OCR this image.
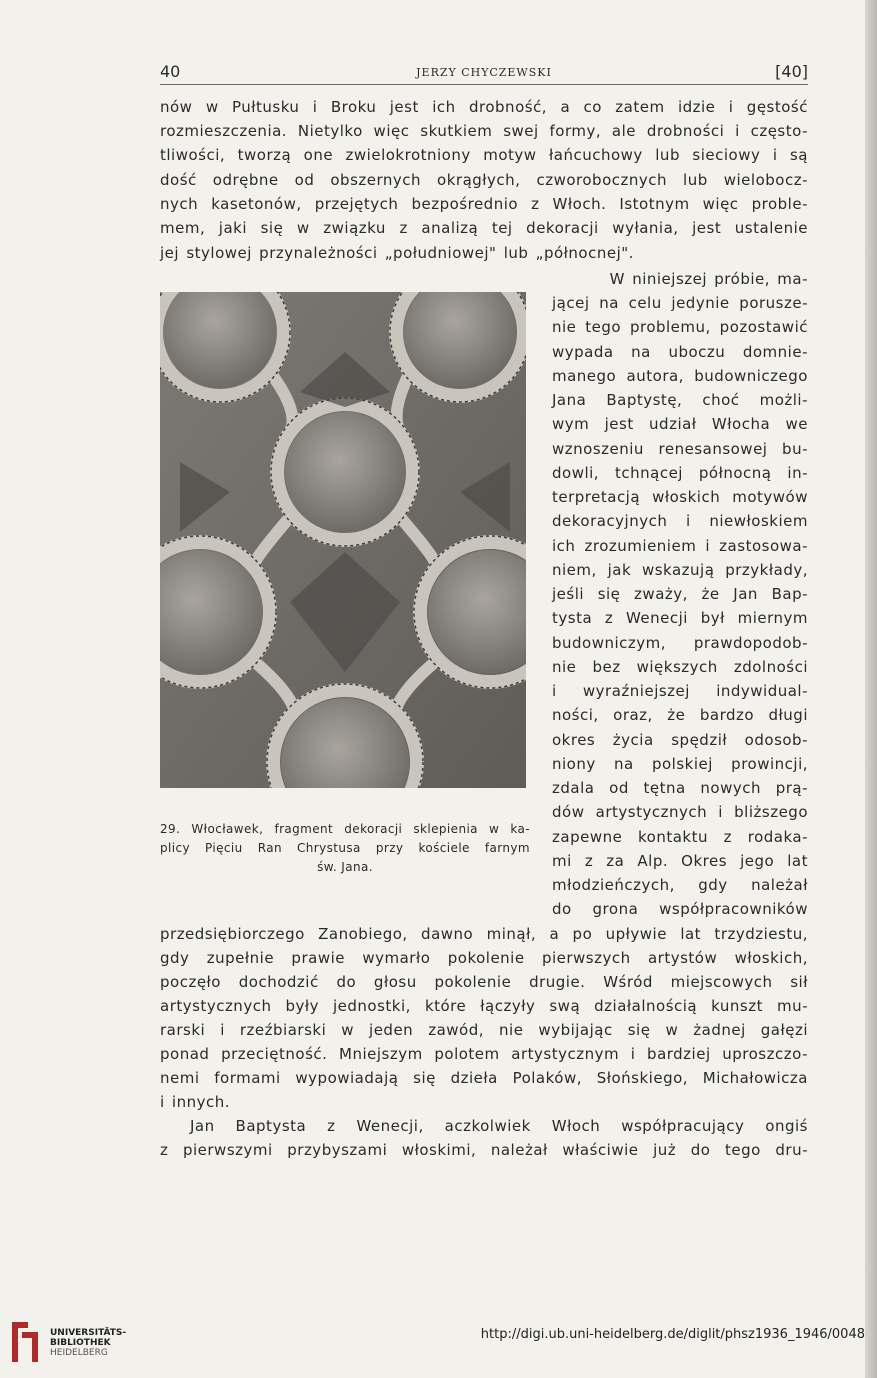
40	JERZY CHYCZEWSKI	[40]

nów w Pułtusku i Broku jest ich drobność, a co zatem idzie i gęstość

rozmieszczenia. Nietylko więc skutkiem swej formy, ale drobności i często-

tliwości, tworzą one zwielokrotniony motyw łańcuchowy lub sieciowy i są

dość odrębne od obszernych okrągłych, czworobocznych lub wielobocz-

nych kasetonów, przejętych bezpośrednio z Włoch. Istotnym więc proble-

mem, jaki się w związku z analizą tej dekoracji wyłania, jest ustalenie

jej stylowej przynależności „południowej" lub „północnej".

W niniejszej próbie, ma-

jącej na celu jedynie porusze-

nie tego problemu, pozostawić

wypada na uboczu domnie-

manego autora, budowniczego

Jana Baptystę, choć możli-

wym jest udział Włocha we

wznoszeniu renesansowej bu-

dowli, tchnącej północną in-

terpretacją włoskich motywów

dekoracyjnych i niewłoskiem

ich zrozumieniem i zastosowa-

niem, jak wskazują przykłady,

jeśli się zważy, że Jan Bap-

tysta z Wenecji był miernym

budowniczym, prawdopodob-

nie bez większych zdolności

i wyraźniejszej indywidual-

ności, oraz, że bardzo długi

okres życia spędził odosob-

niony na polskiej prowincji,

zdala od tętna nowych prą-

dów artystycznych i bliższego

zapewne kontaktu z rodaka-

mi z za Alp. Okres jego lat

młodzieńczych, gdy należał

do grona współpracowników

29. Włocławek, fragment dekoracji sklepienia w ka-

plicy Pięciu Ran Chrystusa przy kościele farnym

św. Jana.

przedsiębiorczego Zanobiego, dawno minął, a po upływie lat trzydziestu,

gdy zupełnie prawie wymarło pokolenie pierwszych artystów włoskich,

poczęło dochodzić do głosu pokolenie drugie. Wśród miejscowych sił

artystycznych były jednostki, które łączyły swą działalnością kunszt mu-

rarski i rzeźbiarski w jeden zawód, nie wybijając się w żadnej gałęzi

ponad przeciętność. Mniejszym polotem artystycznym i bardziej uproszczo-

nemi formami wypowiadają się dzieła Polaków, Słońskiego, Michałowicza

i innych.

Jan Baptysta z Wenecji, aczkolwiek Włoch współpracujący ongiś

z pierwszymi przybyszami włoskimi, należał właściwie już do tego dru-

UNIVERSITÄTS-
BIBLIOTHEK
HEIDELBERG
http://digi.ub.uni-heidelberg.de/diglit/phsz1936_1946/0048
